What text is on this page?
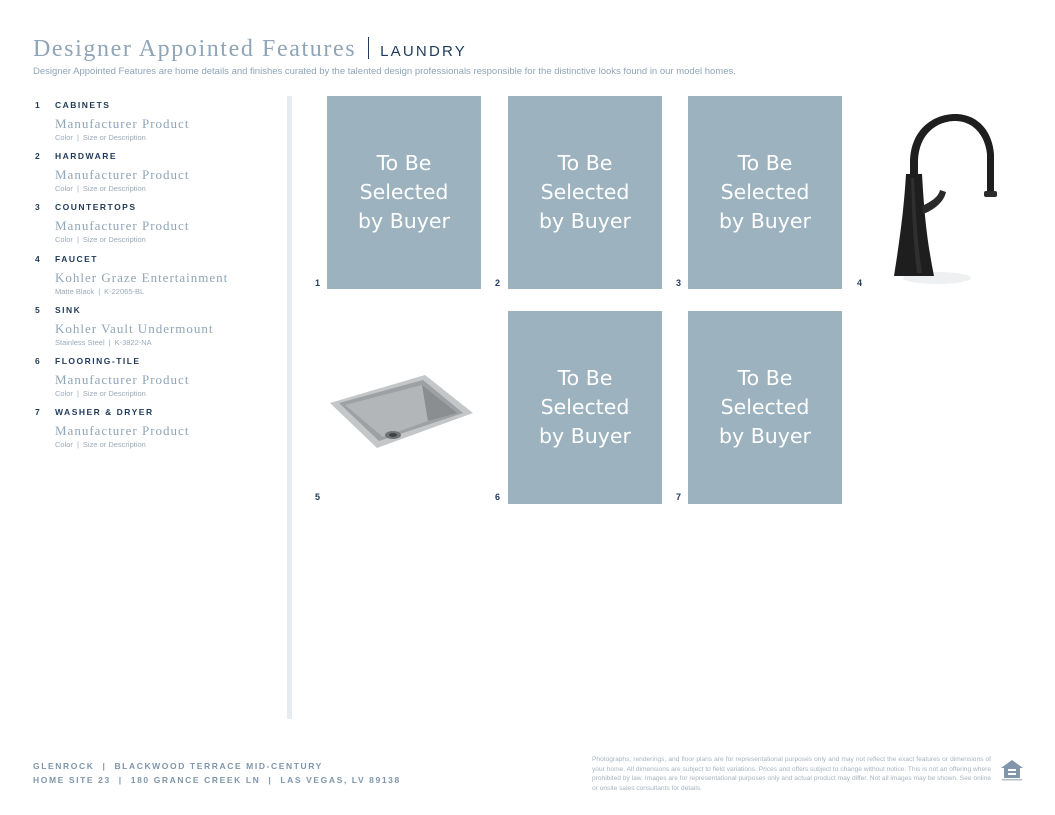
Designer Appointed Features LAUNDRY
Designer Appointed Features are home details and finishes curated by the talented design professionals responsible for the distinctive looks found in our model homes.
1	CABINETS
Manufacturer Product
Color | Size or Description
2	HARDWARE
Manufacturer Product
Color | Size or Description
3	COUNTERTOPS
Manufacturer Product
Color | Size or Description
4	FAUCET
Kohler Graze Entertainment
Matte Black | K-22065-BL
5	SINK
Kohler Vault Undermount
Stainless Steel | K-3822-NA
6	FLOORING-TILE
Manufacturer Product
Color | Size or Description
7	WASHER & DRYER
Manufacturer Product
Color | Size or Description
To Be
Selected
by Buyer
1
To Be
Selected
by Buyer
2
To Be
Selected
by Buyer
3	4
5
To Be
Selected
by Buyer
6
To Be
Selected
by Buyer
7
GLENROCK | BLACKWOOD TERRACE MID-CENTURY
HOME SITE 23 | 180 GRANCE CREEK LN | LAS VEGAS, LV 89138
Photographs, renderings, and floor plans are for representational purposes only and may not reflect the exact features or dimensions of your home. All dimensions are subject to field variations. Prices and offers subject to change without notice. This is not an offering where prohibited by law. Images are for representational purposes only and actual product may differ. Not all images may be shown. See online or onsite sales consultants for details.
